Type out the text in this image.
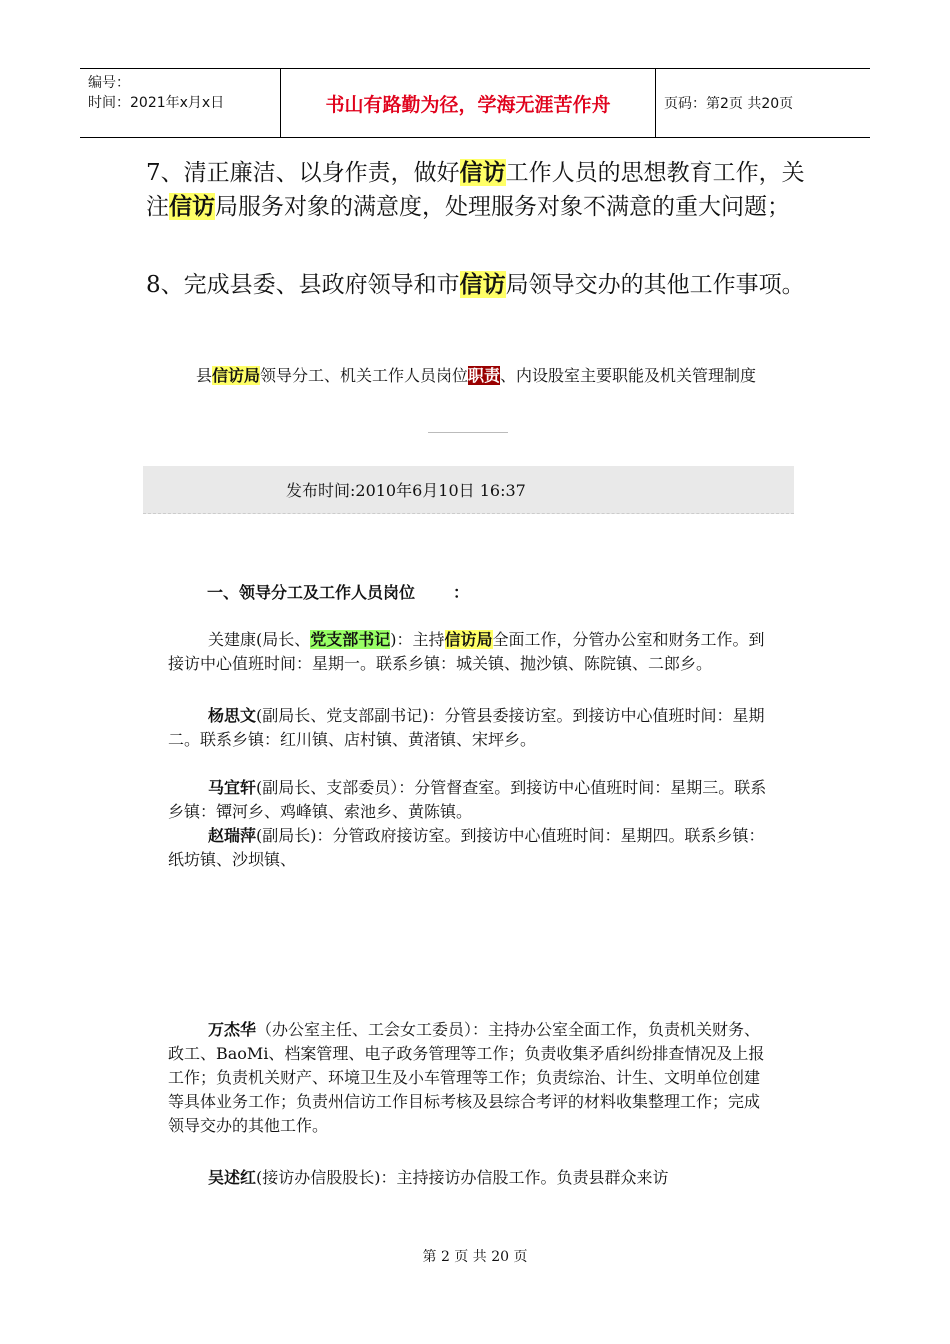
编号：
时间：2021年x月x日	书山有路勤为径，学海无涯苦作舟	页码：第2页 共20页
7、清正廉洁、以身作责，做好信访工作人员的思想教育工作，关注信访局服务对象的满意度，处理服务对象不满意的重大问题；
8、完成县委、县政府领导和市信访局领导交办的其他工作事项。
县信访局领导分工、机关工作人员岗位职责、内设股室主要职能及机关管理制度
发布时间:2010年6月10日 16:37
一、领导分工及工作人员岗位 ：

关建康(局长、党支部书记)：主持信访局全面工作，分管办公室和财务工作。到接访中心值班时间：星期一。联系乡镇：城关镇、抛沙镇、陈院镇、二郎乡。

杨思文(副局长、党支部副书记)：分管县委接访室。到接访中心值班时间：星期二。联系乡镇：红川镇、店村镇、黄渚镇、宋坪乡。

马宜轩(副局长、支部委员）：分管督查室。到接访中心值班时间：星期三。联系乡镇：镡河乡、鸡峰镇、索池乡、黄陈镇。

赵瑞萍(副局长)：分管政府接访室。到接访中心值班时间：星期四。联系乡镇：纸坊镇、沙坝镇、

万杰华（办公室主任、工会女工委员）：主持办公室全面工作，负责机关财务、政工、BaoMi、档案管理、电子政务管理等工作；负责收集矛盾纠纷排查情况及上报工作；负责机关财产、环境卫生及小车管理等工作；负责综治、计生、文明单位创建等具体业务工作；负责州信访工作目标考核及县综合考评的材料收集整理工作；完成领导交办的其他工作。

吴述红(接访办信股股长)：主持接访办信股工作。负责县群众来访

第 2 页 共 20 页
